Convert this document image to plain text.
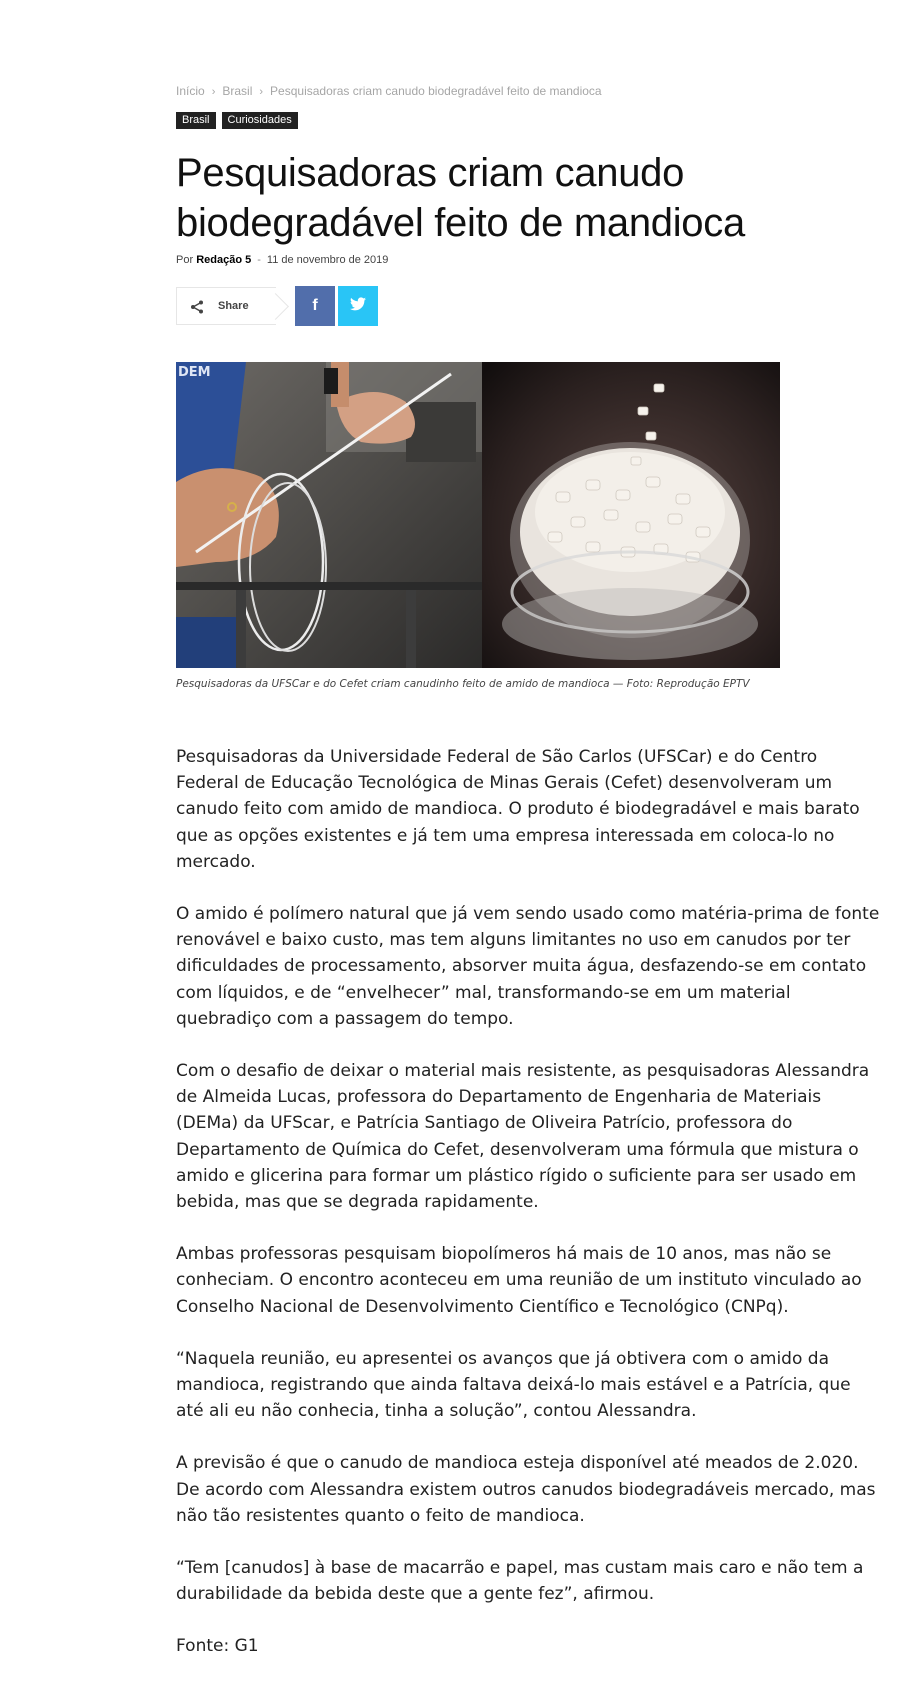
Início › Brasil › Pesquisadoras criam canudo biodegradável feito de mandioca
Brasil	Curiosidades
Pesquisadoras criam canudo biodegradável feito de mandioca
Por Redação 5 - 11 de novembro de 2019
Share	f
DEM
Pesquisadoras da UFSCar e do Cefet criam canudinho feito de amido de mandioca — Foto: Reprodução EPTV

Pesquisadoras da Universidade Federal de São Carlos (UFSCar) e do Centro Federal de Educação Tecnológica de Minas Gerais (Cefet) desenvolveram um canudo feito com amido de mandioca. O produto é biodegradável e mais barato que as opções existentes e já tem uma empresa interessada em coloca-lo no mercado.

O amido é polímero natural que já vem sendo usado como matéria-prima de fonte renovável e baixo custo, mas tem alguns limitantes no uso em canudos por ter dificuldades de processamento, absorver muita água, desfazendo-se em contato com líquidos, e de “envelhecer” mal, transformando-se em um material quebradiço com a passagem do tempo.

Com o desafio de deixar o material mais resistente, as pesquisadoras Alessandra de Almeida Lucas, professora do Departamento de Engenharia de Materiais (DEMa) da UFScar, e Patrícia Santiago de Oliveira Patrício, professora do Departamento de Química do Cefet, desenvolveram uma fórmula que mistura o amido e glicerina para formar um plástico rígido o suficiente para ser usado em bebida, mas que se degrada rapidamente.

Ambas professoras pesquisam biopolímeros há mais de 10 anos, mas não se conheciam. O encontro aconteceu em uma reunião de um instituto vinculado ao Conselho Nacional de Desenvolvimento Científico e Tecnológico (CNPq).

“Naquela reunião, eu apresentei os avanços que já obtivera com o amido da mandioca, registrando que ainda faltava deixá-lo mais estável e a Patrícia, que até ali eu não conhecia, tinha a solução”, contou Alessandra.

A previsão é que o canudo de mandioca esteja disponível até meados de 2.020. De acordo com Alessandra existem outros canudos biodegradáveis mercado, mas não tão resistentes quanto o feito de mandioca.

“Tem [canudos] à base de macarrão e papel, mas custam mais caro e não tem a durabilidade da bebida deste que a gente fez”, afirmou.

Fonte: G1
